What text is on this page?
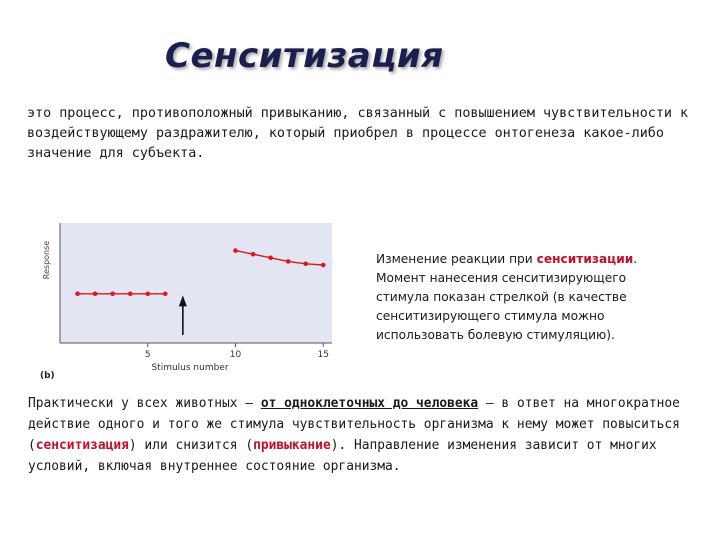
Сенситизация
это процесс, противоположный привыканию, связанный с повышением чувствительности к воздействующему раздражителю, который приобрел в процессе онтогенеза какое-либо значение для субъекта.
Response
Stimulus number
(b)
5	10	15
Изменение реакции при сенситизации. Момент нанесения сенситизирующего стимула показан стрелкой (в качестве сенситизирующего стимула можно использовать болевую стимуляцию).
Практически у всех животных – от одноклеточных до человека – в ответ на многократное действие одного и того же стимула чувствительность организма к нему может повыситься (сенситизация) или снизится (привыкание). Направление изменения зависит от многих условий, включая внутреннее состояние организма.
